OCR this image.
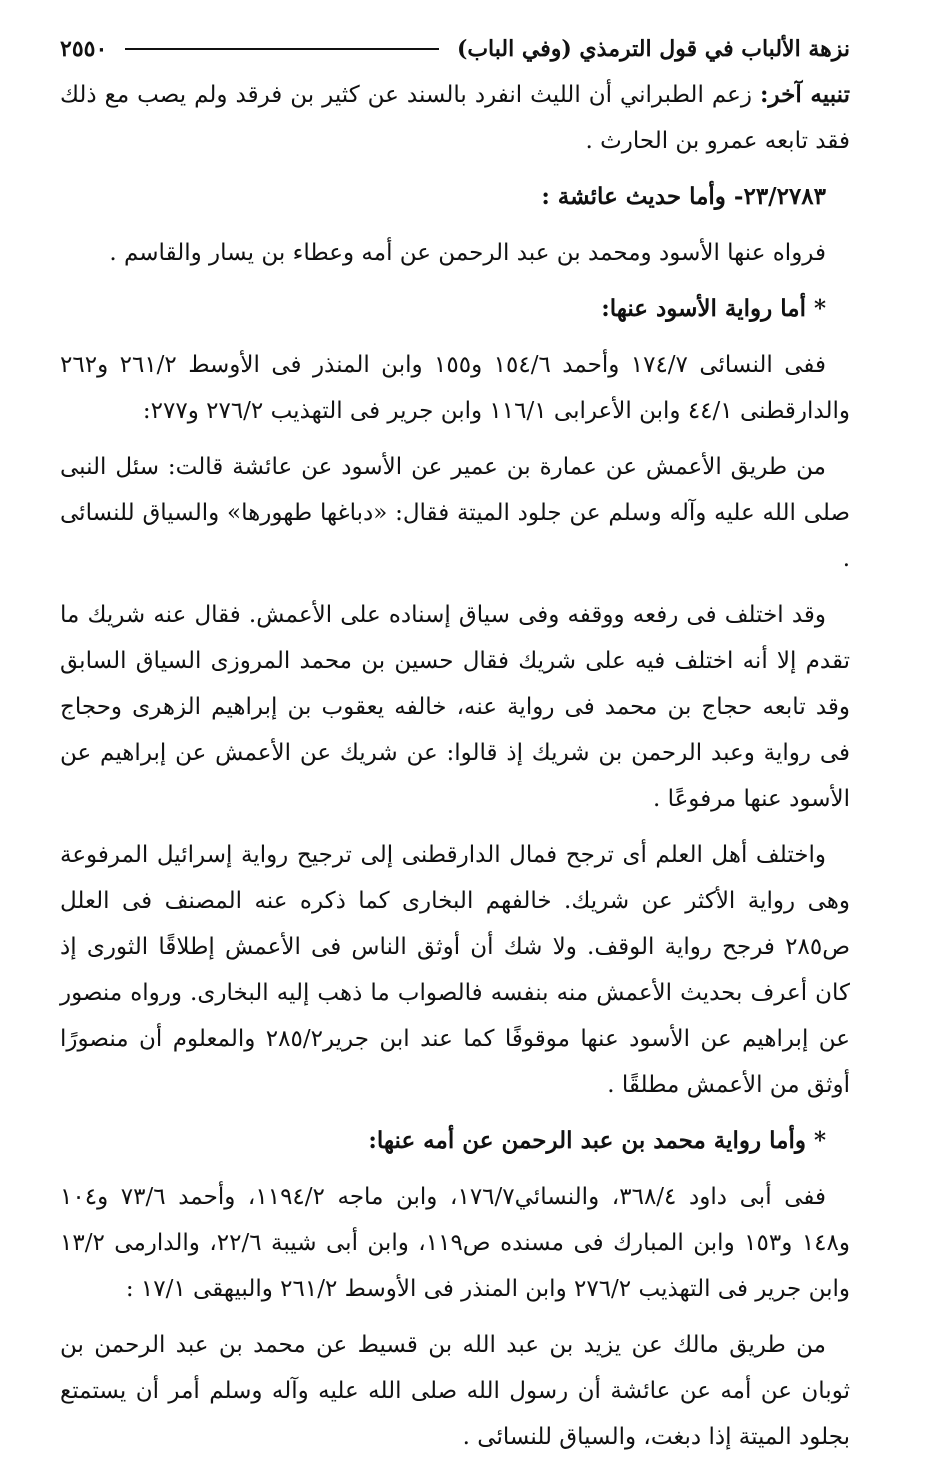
نزهة الألباب في قول الترمذي (وفي الباب)
٢٥٥٠

تنبيه آخر: زعم الطبراني أن الليث انفرد بالسند عن كثير بن فرقد ولم يصب مع ذلك فقد تابعه عمرو بن الحارث .

٢٣/٢٧٨٣- وأما حديث عائشة :

فرواه عنها الأسود ومحمد بن عبد الرحمن عن أمه وعطاء بن يسار والقاسم .

* أما رواية الأسود عنها:

ففى النسائى ١٧٤/٧ وأحمد ١٥٤/٦ و١٥٥ وابن المنذر فى الأوسط ٢٦١/٢ و٢٦٢ والدارقطنى ٤٤/١ وابن الأعرابى ١١٦/١ وابن جرير فى التهذيب ٢٧٦/٢ و٢٧٧:

من طريق الأعمش عن عمارة بن عمير عن الأسود عن عائشة قالت: سئل النبى صلى الله عليه وآله وسلم عن جلود الميتة فقال: «دباغها طهورها» والسياق للنسائى .

وقد اختلف فى رفعه ووقفه وفى سياق إسناده على الأعمش. فقال عنه شريك ما تقدم إلا أنه اختلف فيه على شريك فقال حسين بن محمد المروزى السياق السابق وقد تابعه حجاج بن محمد فى رواية عنه، خالفه يعقوب بن إبراهيم الزهرى وحجاج فى رواية وعبد الرحمن بن شريك إذ قالوا: عن شريك عن الأعمش عن إبراهيم عن الأسود عنها مرفوعًا .

واختلف أهل العلم أى ترجح فمال الدارقطنى إلى ترجيح رواية إسرائيل المرفوعة وهى رواية الأكثر عن شريك. خالفهم البخارى كما ذكره عنه المصنف فى العلل ص٢٨٥ فرجح رواية الوقف. ولا شك أن أوثق الناس فى الأعمش إطلاقًا الثورى إذ كان أعرف بحديث الأعمش منه بنفسه فالصواب ما ذهب إليه البخارى. ورواه منصور عن إبراهيم عن الأسود عنها موقوفًا كما عند ابن جرير٢٨٥/٢ والمعلوم أن منصورًا أوثق من الأعمش مطلقًا .

* وأما رواية محمد بن عبد الرحمن عن أمه عنها:

ففى أبى داود ٣٦٨/٤، والنسائي١٧٦/٧، وابن ماجه ١١٩٤/٢، وأحمد ٧٣/٦ و١٠٤ و١٤٨ و١٥٣ وابن المبارك فى مسنده ص١١٩، وابن أبى شيبة ٢٢/٦، والدارمى ١٣/٢ وابن جرير فى التهذيب ٢٧٦/٢ وابن المنذر فى الأوسط ٢٦١/٢ والبيهقى ١٧/١ :

من طريق مالك عن يزيد بن عبد الله بن قسيط عن محمد بن عبد الرحمن بن ثوبان عن أمه عن عائشة أن رسول الله صلى الله عليه وآله وسلم أمر أن يستمتع بجلود الميتة إذا دبغت، والسياق للنسائى .
